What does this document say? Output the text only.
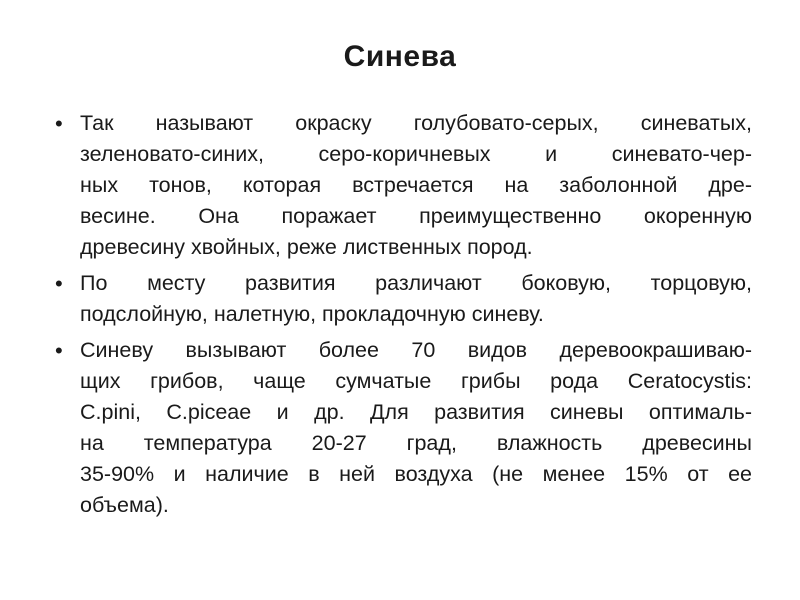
Синева
• Так называют окраску голубовато-серых, синеватых,
зеленовато-синих, серо-коричневых и синевато-чер-
ных тонов, которая встречается на заболонной дре-
весине. Она поражает преимущественно окоренную
древесину хвойных, реже лиственных пород.
• По месту развития различают боковую, торцовую,
подслойную, налетную, прокладочную синеву.
• Синеву вызывают более 70 видов деревоокрашиваю-
щих грибов, чаще сумчатые грибы рода Ceratocystis:
C.pini, C.piceae и др. Для развития синевы оптималь-
на температура 20-27 град, влажность древесины
35-90% и наличие в ней воздуха (не менее 15% от ее
объема).
